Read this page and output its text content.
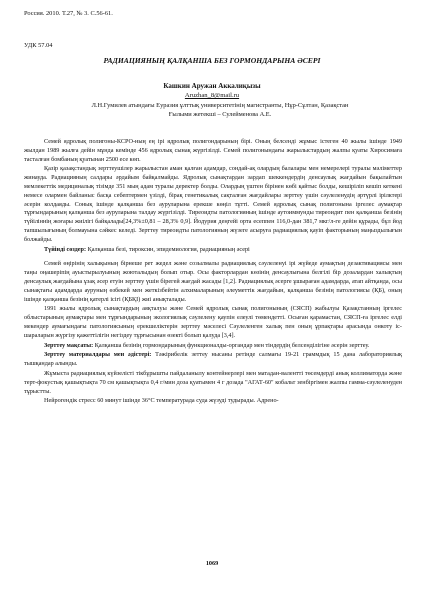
Россия. 2010. Т.27, № 3. С.56-61.
УДК 57.04
РАДИАЦИЯНЫҢ ҚАЛҚАНША БЕЗ ГОРМОНДАРЫНА ӘСЕРІ
Кашкин Аружан Аккалиқызы
Aruzhan_8@mail.ru
Л.Н.Гумилев атындағы Еуразия ұлттық университетінің магистранты, Нұр-Сұлтан, Қазақстан
Ғылыми жетекші – Сулейменова А.Е.

Семей ядролық полигоны-КСРО-ның ең ірі ядролық полигондарының бірі. Оның белсенді жұмыс істеген 40 жылы ішінде 1949 жылдан 1989 жылға дейін мұнда кемінде 456 ядролық сынақ жүргізілді. Семей полигонындағы жарылыстардың жалпы қуаты Хиросимаға тасталған бомбаның қуатынан 2500 есе көп.

Қазір қазақстандық зерттеушілер жарылыстан аман қалған адамдар, сондай-ақ олардың балалары мен немерелері туралы мәліметтер жинауда. Радиацияның салдары әрдайым байқалмайды. Ядролық сынақтардан зардап шеккендердің денсаулық жағдайын бақылайтын мемлекеттік медициналық тізімде 351 мың адам туралы деректер болды. Олардың үштен бірінен көбі қайтыс болды, кешіріліп кешіп кеткені немесе олармен байланыс басқа себептермен үзілді, бірақ генетикалық сақталған жағдайлары зерттеу үшін сәулеленудің әртүрлі ірілктері әсерін колдаяды. Сонық ішінде қалқанша без ауруларына ерекше көңіл тұтті. Семей ядролық сынақ полигонына іргелес аумақтар тұрғындарының қалқанша без ауруларына талдау жүргізілді. Тиреоидты патологияның ішінде аутоиммунды тиреоидит пен қалқанша безінің түйіліннің жоғары жиілігі байқалады[24,3%±0,81 – 28,3% 0,9]. Йодурия деңгейі орта есеппен 116,0-дан 381,7 мкг/л-ге дейін құрады, бұл йод тапшылығының болмауына сәйкес келеді. Зерттеу тиреоидты патологияның жүзеге асыруға радиациялық қауіп факторының маңыздылығын болжайды.

Түйінді сөздер: Қалқанша безі, тироксин, эпидемиология, радиацияның әсері

Семей өңірінің халықының бірнеше рет жедел және созылмалы радиациялық сәулеленуі ірі жүйеде аумақтың дезактивациясы мен таңы оңашеріпің ауыстырылуының жоюталыдың болып отыр. Осы факторлардан көзінің денсаулығына белгілі бір дозалардан халықтың денсаулық жағдайына ұзақ әсер етуін зерттеу үшін бірегей жағдай жасады [1,2]. Радиациялық әсерге ұшыраған адамдарда, атап айтқанда, осы сынақтағы адамдарда ауруның өзбекей мен жеткізбейтін алхималарының әлеуметтік жағдайын, қалқанша безінің патологиясы (ҚБ), оның ішінде қалқанша безінің қатерлі ісігі (ҚБҚІ) жиі анықталады.

1991 жылы ядролық сынақтардың аяқталуы және Семей ядролық сынақ полигонының (СЯСП) жабылуы Қазақстанның іргелес облыстарының аумақтары мен тұрғындарының экологиялық сәулелену қаупін елеулі төмендетті. Осыған қарамастан, СЯСП-ға іргелес елді мекендер аумағындағы патологиясының ерекшеліктерін зерттеу мәселесі Сәулеленген халық пен оның ұрпақтары арасында онкоту іс-шараларын жүргізу қажеттілігін негіздеу тұрғысынан өзекті болып қалуда [3,4].

Зерттеу мақсаты: Қалқанша безінің гормондарының функционалды-органдар мен тіндердің белсенділігіне әсерін зерттеу.

Зерттеу материалдары мен әдістері: Тәжірибелік зеттеу нысаны ретінде салмағы 19-21 граммдық 15 дана лабораториялық тышқандар алынды.

Жұмыста радиациялық күйзелісті тікбұрышты пайдаланылу контейнерлері мен матадан-валентті төсемдерді анық коллиматорда және терт-фокустық қашықтықта 70 см қашықтықта 0,4 г/мин доза қуатымен 4 г дозада "АГАТ-60" кобальт зенбіргімен жалпы гамма-сәулеленуден тұрыстты.

Нейрогендік стресс 60 минут ішінде 36°С температурада суда жүзуді тудырады. Адрено-

1069
